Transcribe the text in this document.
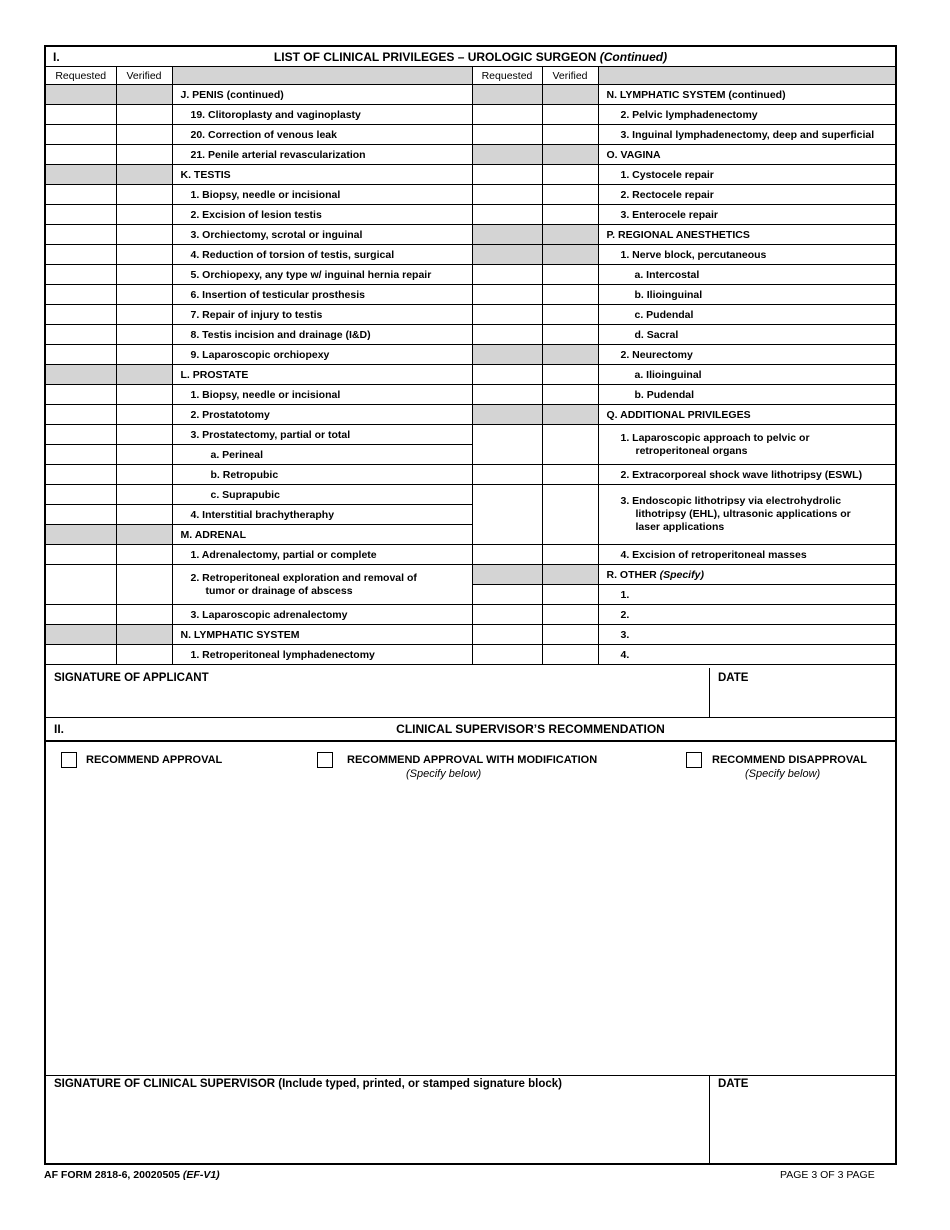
I.	LIST OF CLINICAL PRIVILEGES – UROLOGIC SURGEON (Continued)
Requested	Verified		Requested	Verified	
		J. PENIS (continued)			N. LYMPHATIC SYSTEM (continued)
		19. Clitoroplasty and vaginoplasty			2. Pelvic lymphadenectomy
		20. Correction of venous leak			3. Inguinal lymphadenectomy, deep and superficial
		21. Penile arterial revascularization			O. VAGINA
		K. TESTIS			1. Cystocele repair
		1. Biopsy, needle or incisional			2. Rectocele repair
		2. Excision of lesion testis			3. Enterocele repair
		3. Orchiectomy, scrotal or inguinal			P. REGIONAL ANESTHETICS
		4. Reduction of torsion of testis, surgical			1. Nerve block, percutaneous
		5. Orchiopexy, any type w/ inguinal hernia repair			a. Intercostal
		6. Insertion of testicular prosthesis			b. Ilioinguinal
		7. Repair of injury to testis			c. Pudendal
		8. Testis incision and drainage (I&D)			d. Sacral
		9. Laparoscopic orchiopexy			2. Neurectomy
		L. PROSTATE			a. Ilioinguinal
		1. Biopsy, needle or incisional			b. Pudendal
		2. Prostatotomy			Q. ADDITIONAL PRIVILEGES
		3. Prostatectomy, partial or total			1. Laparoscopic approach to pelvic or
retroperitoneal organs

		a. Perineal			
		b. Retropubic			2. Extracorporeal shock wave lithotripsy (ESWL)
		c. Suprapubic			3. Endoscopic lithotripsy via electrohydrolic
lithotripsy (EHL), ultrasonic applications or
laser applications

		4. Interstitial brachytheraphy			
		M. ADRENAL			
		1. Adrenalectomy, partial or complete			4. Excision of retroperitoneal masses

		2. Retroperitoneal exploration and removal of
tumor or drainage of abscess			R. OTHER (Specify)
					1.
		3. Laparoscopic adrenalectomy			2.
		N. LYMPHATIC SYSTEM			3.
		1. Retroperitoneal lymphadenectomy			4.
SIGNATURE OF APPLICANT	DATE
II.	CLINICAL SUPERVISOR’S RECOMMENDATION
RECOMMEND APPROVAL	RECOMMEND APPROVAL WITH MODIFICATION
(Specify below)
RECOMMEND DISAPPROVAL
(Specify below)
SIGNATURE OF CLINICAL SUPERVISOR (Include typed, printed, or stamped signature block)	DATE
AF FORM 2818-6, 20020505 (EF-V1)	PAGE 3 OF 3 PAGE
